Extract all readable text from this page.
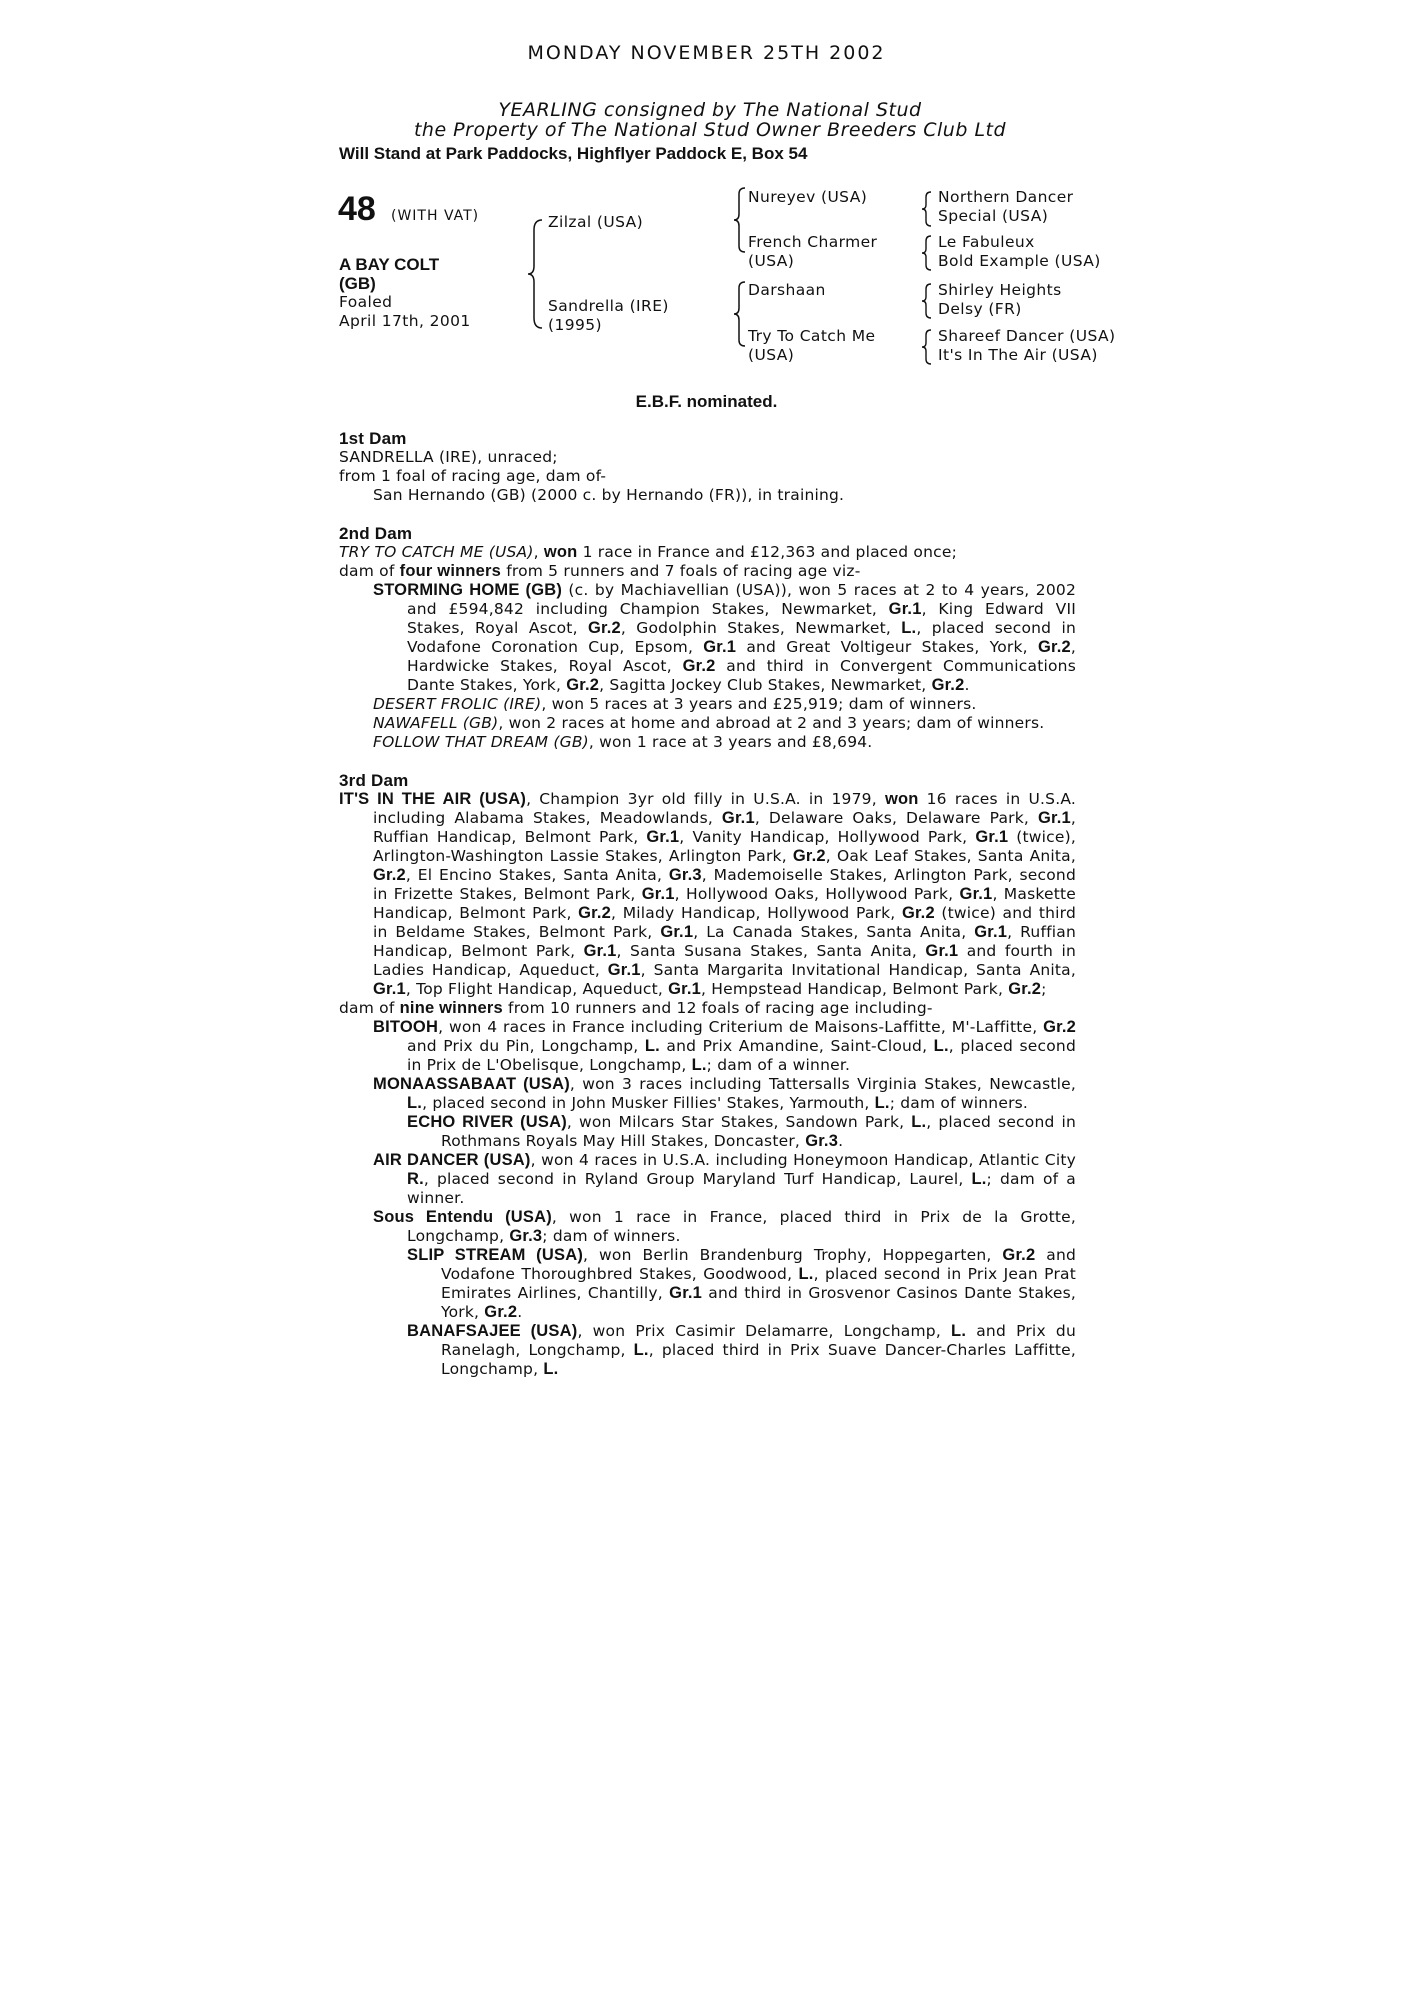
MONDAY NOVEMBER 25TH 2002
YEARLING consigned by The National Stud
the Property of The National Stud Owner Breeders Club Ltd
Will Stand at Park Paddocks, Highflyer Paddock E, Box 54
48 (WITH VAT)
A BAY COLT
(GB)
Foaled
April 17th, 2001
Zilzal (USA)
Sandrella (IRE)
(1995)
Nureyev (USA)
French Charmer
(USA)
Darshaan
Try To Catch Me
(USA)
Northern Dancer
Special (USA)
Le Fabuleux
Bold Example (USA)
Shirley Heights
Delsy (FR)
Shareef Dancer (USA)
It's In The Air (USA)
E.B.F. nominated.
1st Dam
SANDRELLA (IRE), unraced;
from 1 foal of racing age, dam of-
San Hernando (GB) (2000 c. by Hernando (FR)), in training.
2nd Dam
TRY TO CATCH ME (USA), won 1 race in France and £12,363 and placed once;
dam of four winners from 5 runners and 7 foals of racing age viz-
STORMING HOME (GB) (c. by Machiavellian (USA)), won 5 races at 2 to 4 years, 2002 and £594,842 including Champion Stakes, Newmarket, Gr.1, King Edward VII Stakes, Royal Ascot, Gr.2, Godolphin Stakes, Newmarket, L., placed second in Vodafone Coronation Cup, Epsom, Gr.1 and Great Voltigeur Stakes, York, Gr.2, Hardwicke Stakes, Royal Ascot, Gr.2 and third in Convergent Communications Dante Stakes, York, Gr.2, Sagitta Jockey Club Stakes, Newmarket, Gr.2.
DESERT FROLIC (IRE), won 5 races at 3 years and £25,919; dam of winners.
NAWAFELL (GB), won 2 races at home and abroad at 2 and 3 years; dam of winners.
FOLLOW THAT DREAM (GB), won 1 race at 3 years and £8,694.
3rd Dam
IT'S IN THE AIR (USA), Champion 3yr old filly in U.S.A. in 1979, won 16 races in U.S.A. including Alabama Stakes, Meadowlands, Gr.1, Delaware Oaks, Delaware Park, Gr.1, Ruffian Handicap, Belmont Park, Gr.1, Vanity Handicap, Hollywood Park, Gr.1 (twice), Arlington-Washington Lassie Stakes, Arlington Park, Gr.2, Oak Leaf Stakes, Santa Anita, Gr.2, El Encino Stakes, Santa Anita, Gr.3, Mademoiselle Stakes, Arlington Park, second in Frizette Stakes, Belmont Park, Gr.1, Hollywood Oaks, Hollywood Park, Gr.1, Maskette Handicap, Belmont Park, Gr.2, Milady Handicap, Hollywood Park, Gr.2 (twice) and third in Beldame Stakes, Belmont Park, Gr.1, La Canada Stakes, Santa Anita, Gr.1, Ruffian Handicap, Belmont Park, Gr.1, Santa Susana Stakes, Santa Anita, Gr.1 and fourth in Ladies Handicap, Aqueduct, Gr.1, Santa Margarita Invitational Handicap, Santa Anita, Gr.1, Top Flight Handicap, Aqueduct, Gr.1, Hempstead Handicap, Belmont Park, Gr.2;
dam of nine winners from 10 runners and 12 foals of racing age including-
BITOOH, won 4 races in France including Criterium de Maisons-Laffitte, M'-Laffitte, Gr.2 and Prix du Pin, Longchamp, L. and Prix Amandine, Saint-Cloud, L., placed second in Prix de L'Obelisque, Longchamp, L.; dam of a winner.
MONAASSABAAT (USA), won 3 races including Tattersalls Virginia Stakes, Newcastle, L., placed second in John Musker Fillies' Stakes, Yarmouth, L.; dam of winners.
ECHO RIVER (USA), won Milcars Star Stakes, Sandown Park, L., placed second in Rothmans Royals May Hill Stakes, Doncaster, Gr.3.
AIR DANCER (USA), won 4 races in U.S.A. including Honeymoon Handicap, Atlantic City R., placed second in Ryland Group Maryland Turf Handicap, Laurel, L.; dam of a winner.
Sous Entendu (USA), won 1 race in France, placed third in Prix de la Grotte, Longchamp, Gr.3; dam of winners.
SLIP STREAM (USA), won Berlin Brandenburg Trophy, Hoppegarten, Gr.2 and Vodafone Thoroughbred Stakes, Goodwood, L., placed second in Prix Jean Prat Emirates Airlines, Chantilly, Gr.1 and third in Grosvenor Casinos Dante Stakes, York, Gr.2.
BANAFSAJEE (USA), won Prix Casimir Delamarre, Longchamp, L. and Prix du Ranelagh, Longchamp, L., placed third in Prix Suave Dancer-Charles Laffitte, Longchamp, L.
